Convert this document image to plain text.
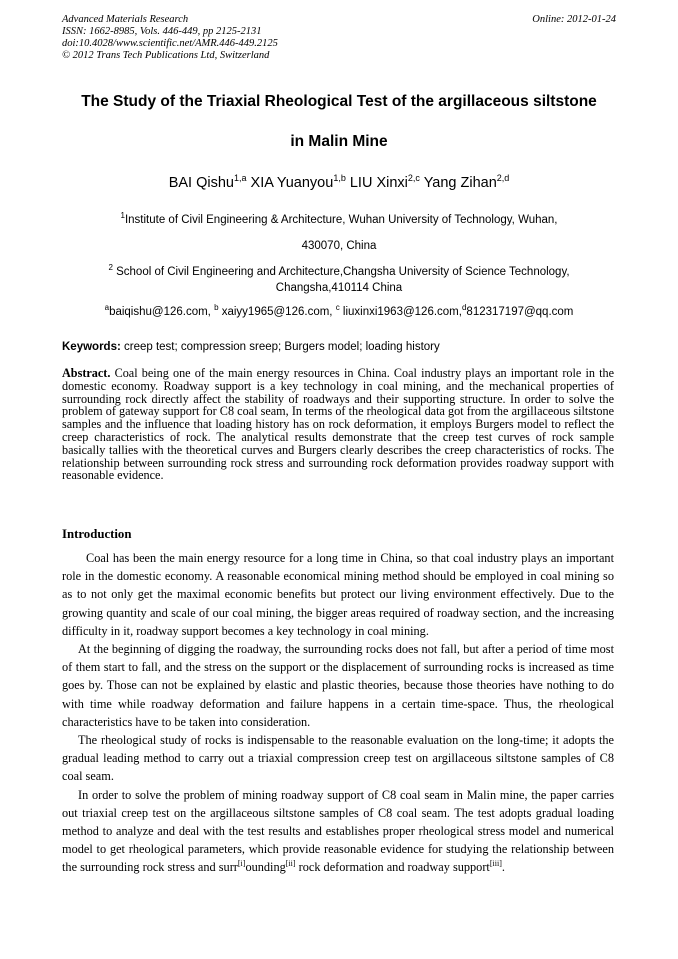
Advanced Materials Research	Online: 2012-01-24
ISSN: 1662-8985, Vols. 446-449, pp 2125-2131
doi:10.4028/www.scientific.net/AMR.446-449.2125
© 2012 Trans Tech Publications Ltd, Switzerland
The Study of the Triaxial Rheological Test of the argillaceous siltstone
in Malin Mine
BAI Qishu$^{1,a}$ XIA Yuanyou$^{1,b}$ LIU Xinxi$^{2,c}$ Yang Zihan$^{2,d}$
$^1$Institute of Civil Engineering & Architecture, Wuhan University of Technology, Wuhan,
430070, China
$^2$ School of Civil Engineering and Architecture,Changsha University of Science Technology,
Changsha,410114 China
$^a$baiqishu@126.com, $^b$ xaiyy1965@126.com, $^c$ liuxinxi1963@126.com,$^d$812317197@qq.com
Keywords: creep test; compression sreep; Burgers model; loading history
Abstract. Coal being one of the main energy resources in China. Coal industry plays an important role in the domestic economy. Roadway support is a key technology in coal mining, and the mechanical properties of surrounding rock directly affect the stability of roadways and their supporting structure. In order to solve the problem of gateway support for C8 coal seam, In terms of the rheological data got from the argillaceous siltstone samples and the influence that loading history has on rock deformation, it employs Burgers model to reflect the creep characteristics of rock. The analytical results demonstrate that the creep test curves of rock sample basically tallies with the theoretical curves and Burgers clearly describes the creep characteristics of rocks. The relationship between surrounding rock stress and surrounding rock deformation provides roadway support with reasonable evidence.
Introduction

Coal has been the main energy resource for a long time in China, so that coal industry plays an important role in the domestic economy. A reasonable economical mining method should be employed in coal mining so as to not only get the maximal economic benefits but protect our living environment effectively. Due to the growing quantity and scale of our coal mining, the bigger areas required of roadway section, and the increasing difficulty in it, roadway support becomes a key technology in coal mining.

At the beginning of digging the roadway, the surrounding rocks does not fall, but after a period of time most of them start to fall, and the stress on the support or the displacement of surrounding rocks is increased as time goes by. Those can not be explained by elastic and plastic theories, because those theories have nothing to do with time while roadway deformation and failure happens in a certain time-space. Thus, the rheological characteristics have to be taken into consideration.

The rheological study of rocks is indispensable to the reasonable evaluation on the long-time; it adopts the gradual leading method to carry out a triaxial compression creep test on argillaceous siltstone samples of C8 coal seam.

In order to solve the problem of mining roadway support of C8 coal seam in Malin mine, the paper carries out triaxial creep test on the argillaceous siltstone samples of C8 coal seam. The test adopts gradual loading method to analyze and deal with the test results and establishes proper rheological stress model and numerical model to get rheological parameters, which provide reasonable evidence for studying the relationship between the surrounding rock stress and surr[i]ounding[ii] rock deformation and roadway support[iii].
